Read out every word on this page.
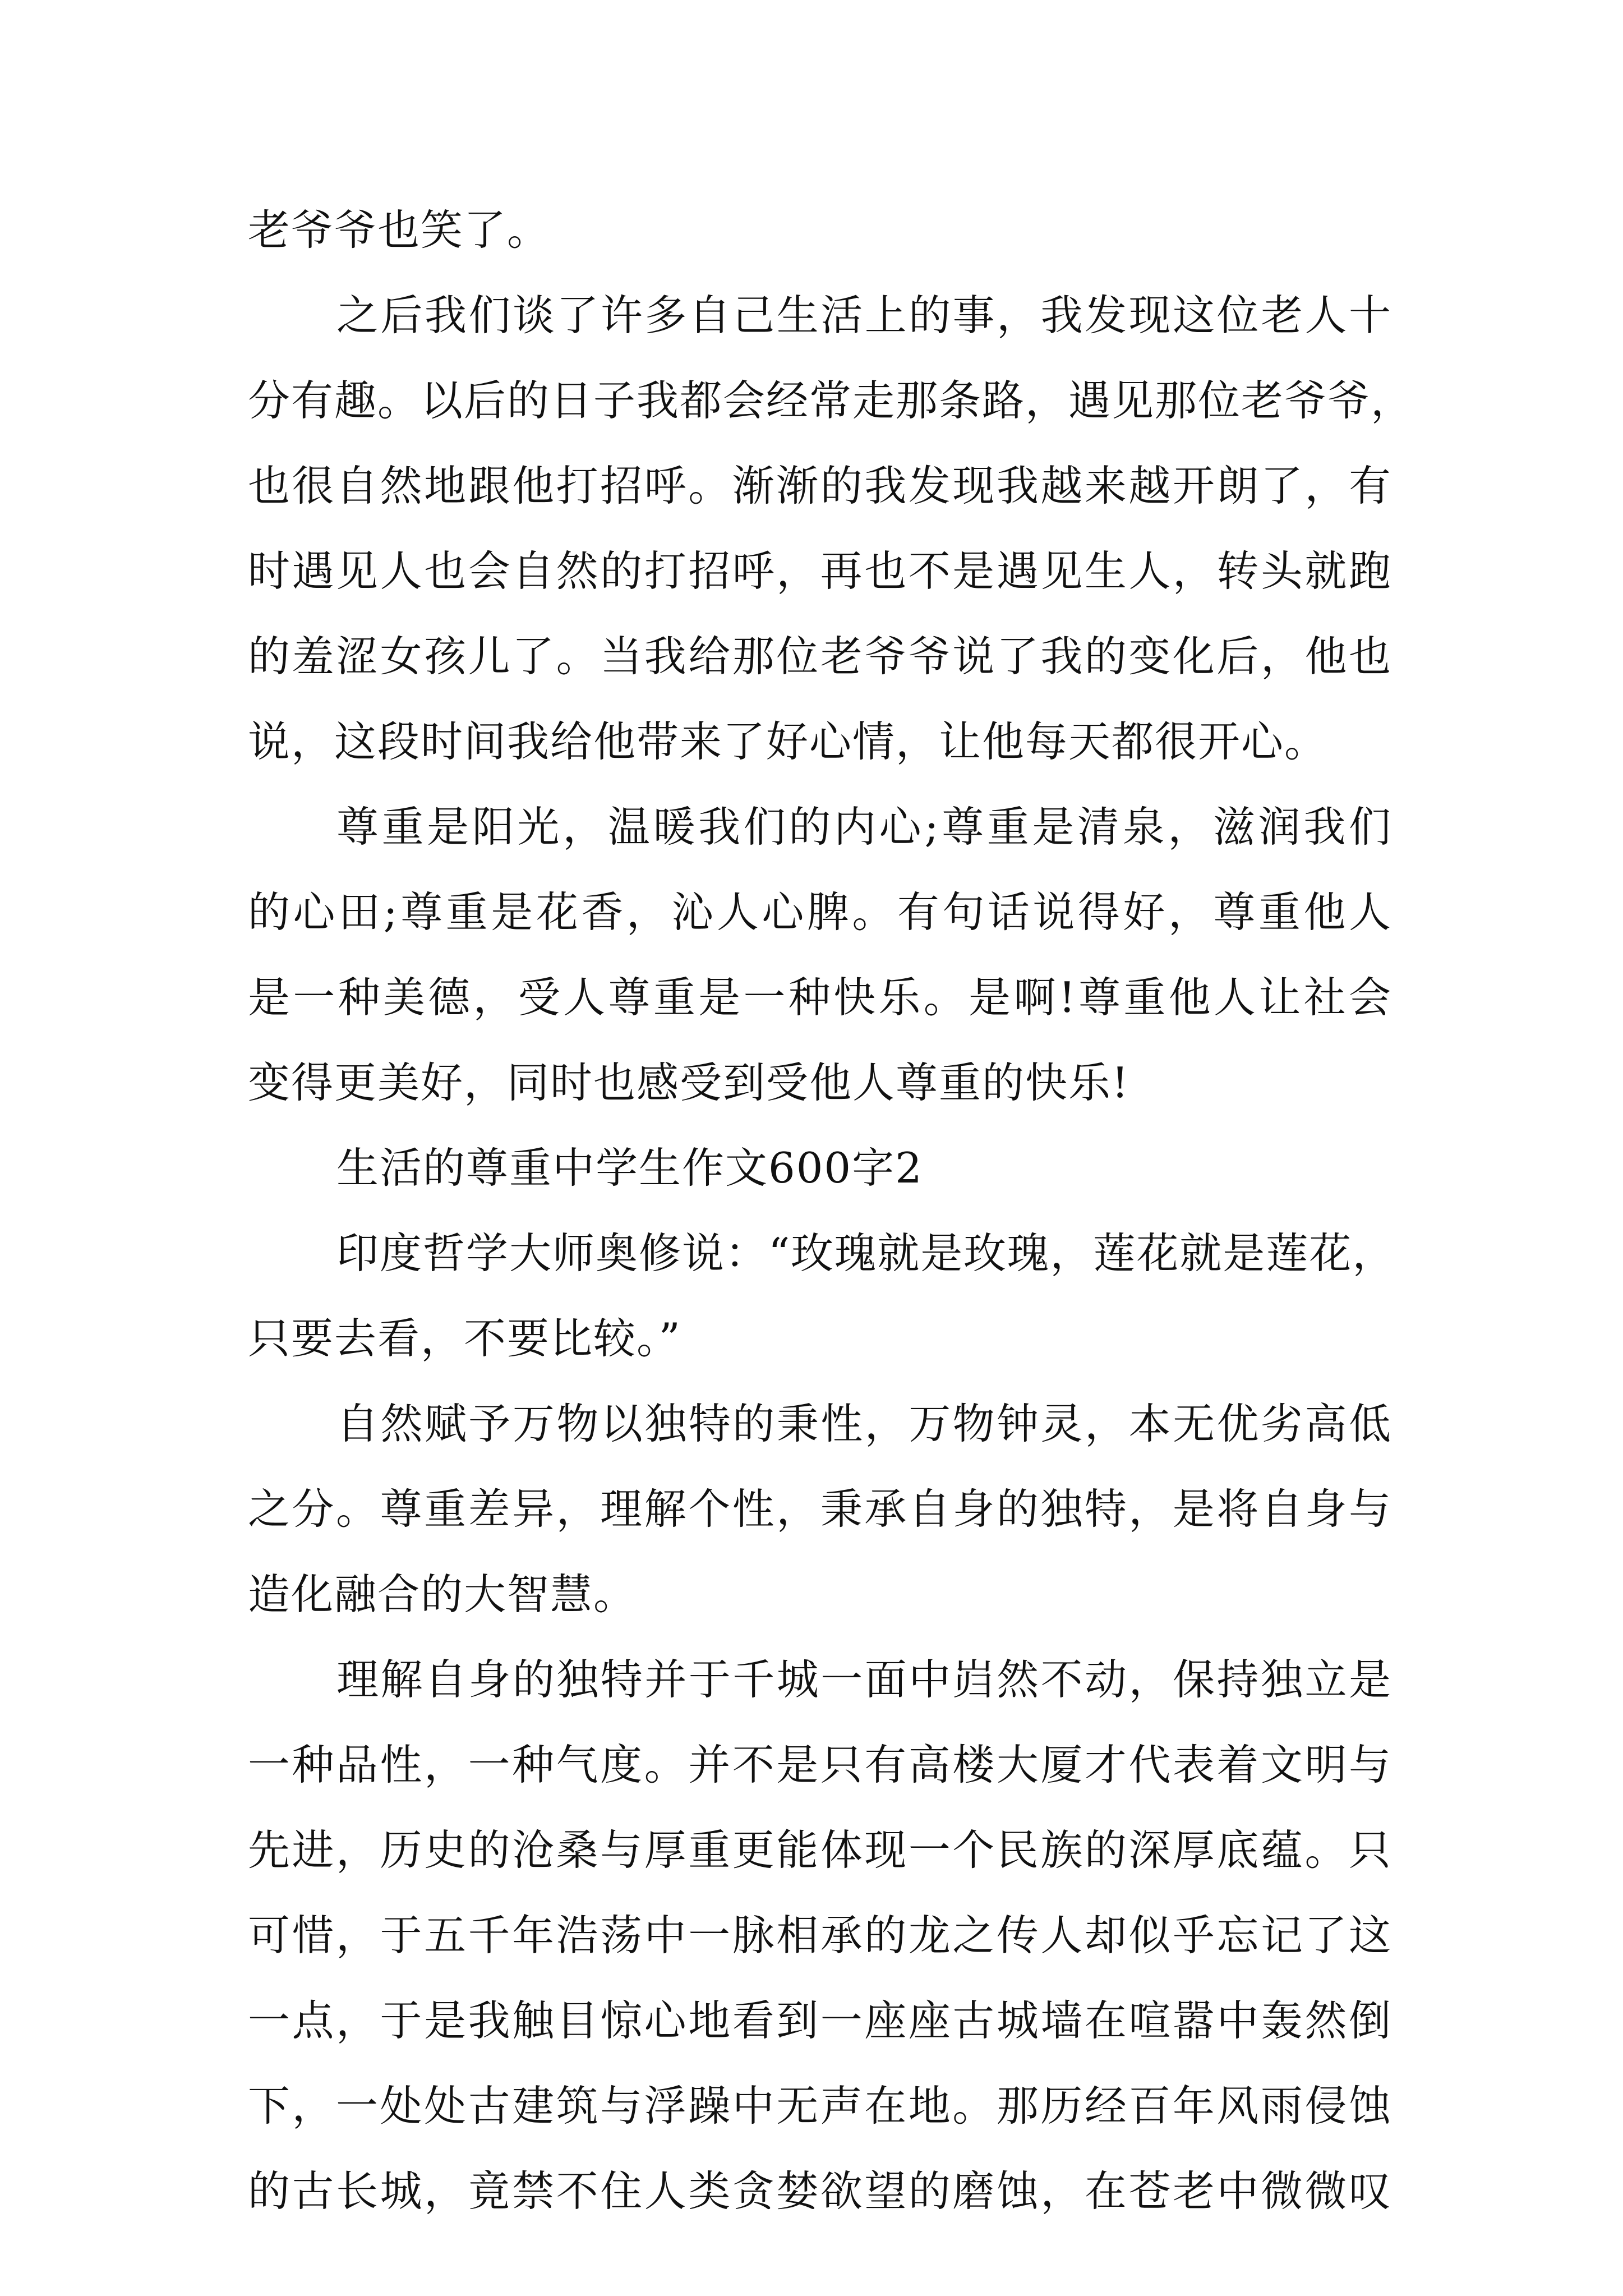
老爷爷也笑了。

之后我们谈了许多自己生活上的事，我发现这位老人十

分有趣。以后的日子我都会经常走那条路，遇见那位老爷爷，

也很自然地跟他打招呼。渐渐的我发现我越来越开朗了，有

时遇见人也会自然的打招呼，再也不是遇见生人，转头就跑

的羞涩女孩儿了。当我给那位老爷爷说了我的变化后，他也

说，这段时间我给他带来了好心情，让他每天都很开心。

尊重是阳光，温暖我们的内心;尊重是清泉，滋润我们

的心田;尊重是花香，沁人心脾。有句话说得好，尊重他人

是一种美德，受人尊重是一种快乐。是啊!尊重他人让社会

变得更美好，同时也感受到受他人尊重的快乐!

生活的尊重中学生作文600字2

印度哲学大师奥修说：“玫瑰就是玫瑰，莲花就是莲花，

只要去看，不要比较。”

自然赋予万物以独特的秉性，万物钟灵，本无优劣高低

之分。尊重差异，理解个性，秉承自身的独特，是将自身与

造化融合的大智慧。

理解自身的独特并于千城一面中岿然不动，保持独立是

一种品性，一种气度。并不是只有高楼大厦才代表着文明与

先进，历史的沧桑与厚重更能体现一个民族的深厚底蕴。只

可惜，于五千年浩荡中一脉相承的龙之传人却似乎忘记了这

一点，于是我触目惊心地看到一座座古城墙在喧嚣中轰然倒

下，一处处古建筑与浮躁中无声在地。那历经百年风雨侵蚀

的古长城，竟禁不住人类贪婪欲望的磨蚀，在苍老中微微叹
